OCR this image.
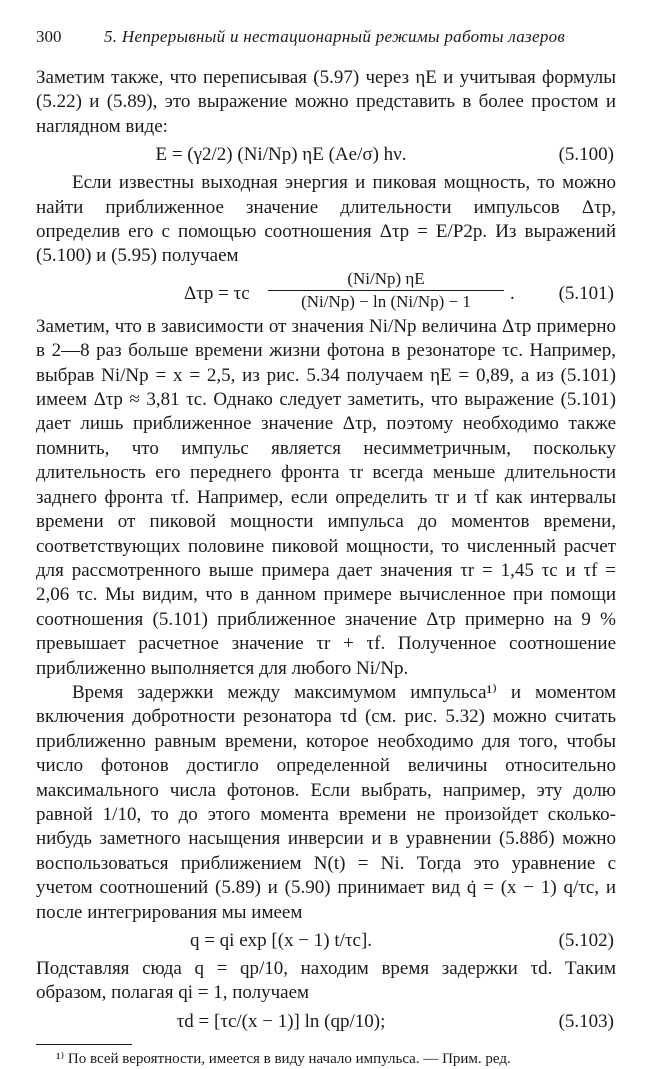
300	5. Непрерывный и нестационарный режимы работы лазеров

Заметим также, что переписывая (5.97) через ηE и учитывая формулы (5.22) и (5.89), это выражение можно представить в более простом и наглядном виде:

E = (γ2/2) (Ni/Np) ηE (Ae/σ) hν.	(5.100)

Если известны выходная энергия и пиковая мощность, то можно найти приближенное значение длительности импульсов Δτp, определив его с помощью соотношения Δτp = E/P2p. Из выражений (5.100) и (5.95) получаем

Δτp = τc
(Ni/Np) ηE
(Ni/Np) − ln (Ni/Np) − 1	. (5.101)

Заметим, что в зависимости от значения Ni/Np величина Δτp примерно в 2—8 раз больше времени жизни фотона в резонаторе τc. Например, выбрав Ni/Np = x = 2,5, из рис. 5.34 получаем ηE = 0,89, а из (5.101) имеем Δτp ≈ 3,81 τc. Однако следует заметить, что выражение (5.101) дает лишь приближенное значение Δτp, поэтому необходимо также помнить, что импульс является несимметричным, поскольку длительность его переднего фронта τr всегда меньше длительности заднего фронта τf. Например, если определить τr и τf как интервалы времени от пиковой мощности импульса до моментов времени, соответствующих половине пиковой мощности, то численный расчет для рассмотренного выше примера дает значения τr = 1,45 τc и τf = 2,06 τc. Мы видим, что в данном примере вычисленное при помощи соотношения (5.101) приближенное значение Δτp примерно на 9 % превышает расчетное значение τr + τf. Полученное соотношение приближенно выполняется для любого Ni/Np.

Время задержки между максимумом импульса¹⁾ и моментом включения добротности резонатора τd (см. рис. 5.32) можно считать приближенно равным времени, которое необходимо для того, чтобы число фотонов достигло определенной величины относительно максимального числа фотонов. Если выбрать, например, эту долю равной 1/10, то до этого момента времени не произойдет сколько-нибудь заметного насыщения инверсии и в уравнении (5.88б) можно воспользоваться приближением N(t) = Ni. Тогда это уравнение с учетом соотношений (5.89) и (5.90) принимает вид q̇ = (x − 1) q/τc, и после интегрирования мы имеем

q = qi exp [(x − 1) t/τc].	(5.102)

Подставляя сюда q = qp/10, находим время задержки τd. Таким образом, полагая qi = 1, получаем

τd = [τc/(x − 1)] ln (qp/10);	(5.103)
¹⁾ По всей вероятности, имеется в виду начало импульса. — Прим. ред.
